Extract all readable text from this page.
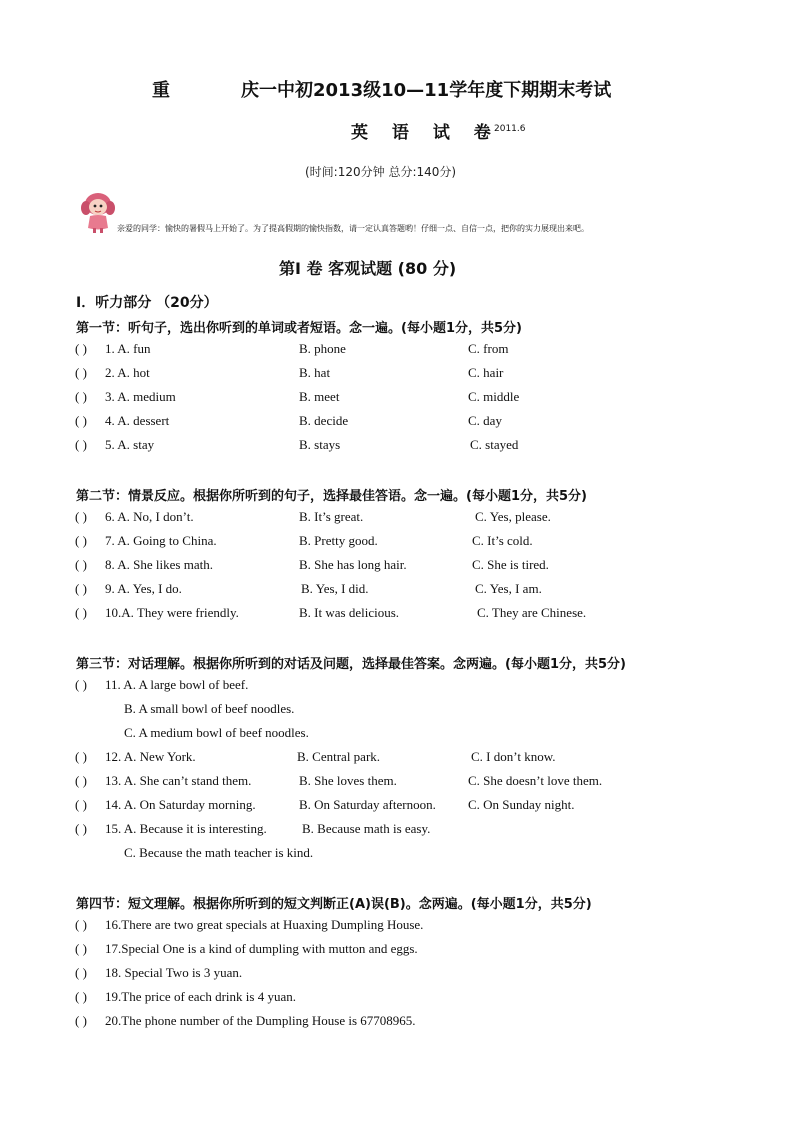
重	庆一中初2013级10—11学年度下期期末考试
英 语 试 卷
2011.6
(时间:120分钟 总分:140分)
亲爱的同学：愉快的暑假马上开始了。为了提高假期的愉快指数，请一定认真答题哟！仔细一点、自信一点，把你的实力展现出来吧。
第I 卷 客观试题 (80 分)
I．听力部分 （20分）
第一节：听句子，选出你听到的单词或者短语。念一遍。(每小题1分，共5分)
( ) 1. A. fun	B. phone	C. from
( ) 2. A. hot	B. hat	C. hair
( ) 3. A. medium	B. meet	C. middle
( ) 4. A. dessert	B. decide	C. day
( ) 5. A. stay	B. stays	C. stayed
第二节：情景反应。根据你所听到的句子，选择最佳答语。念一遍。(每小题1分，共5分)
( ) 6. A. No, I don’t.	B. It’s great.	C. Yes, please.
( ) 7. A. Going to China.	B. Pretty good.	C. It’s cold.
( ) 8. A. She likes math.	B. She has long hair.	C. She is tired.
( ) 9. A. Yes, I do.	B. Yes, I did.	C. Yes, I am.
( ) 10.A. They were friendly.	B. It was delicious.	C. They are Chinese.
第三节：对话理解。根据你所听到的对话及问题，选择最佳答案。念两遍。(每小题1分，共5分)
( ) 11. A. A large bowl of beef.
B. A small bowl of beef noodles.
C. A medium bowl of beef noodles.
( ) 12. A. New York.	B. Central park.	C. I don’t know.
( ) 13. A. She can’t stand them.	B. She loves them.	C. She doesn’t love them.
( ) 14. A. On Saturday morning.	B. On Saturday afternoon. C. On Sunday night.
( ) 15. A. Because it is interesting.	B. Because math is easy.
C. Because the math teacher is kind.
第四节：短文理解。根据你所听到的短文判断正(A)误(B)。念两遍。(每小题1分，共5分)
( ) 16.There are two great specials at Huaxing Dumpling House.
( ) 17.Special One is a kind of dumpling with mutton and eggs.
( ) 18. Special Two is 3 yuan.
( ) 19.The price of each drink is 4 yuan.
( ) 20.The phone number of the Dumpling House is 67708965.
